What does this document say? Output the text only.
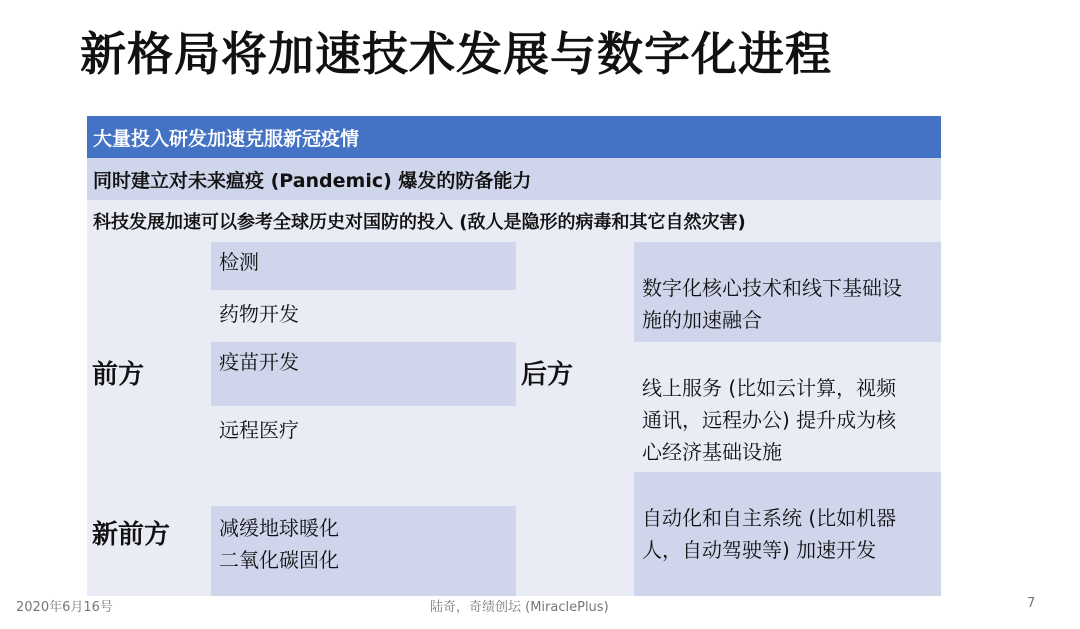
新格局将加速技术发展与数字化进程
大量投入研发加速克服新冠疫情
同时建立对未来瘟疫 (Pandemic) 爆发的防备能力
科技发展加速可以参考全球历史对国防的投入 (敌人是隐形的病毒和其它自然灾害)
检测
药物开发
疫苗开发
远程医疗
减缓地球暖化
二氧化碳固化
数字化核心技术和线下基础设
施的加速融合
线上服务 (比如云计算，视频
通讯，远程办公) 提升成为核
心经济基础设施
自动化和自主系统 (比如机器
人，自动驾驶等) 加速开发
前方
新前方
后方
2020年6月16号	陆奇，奇绩创坛 (MiraclePlus)	7
